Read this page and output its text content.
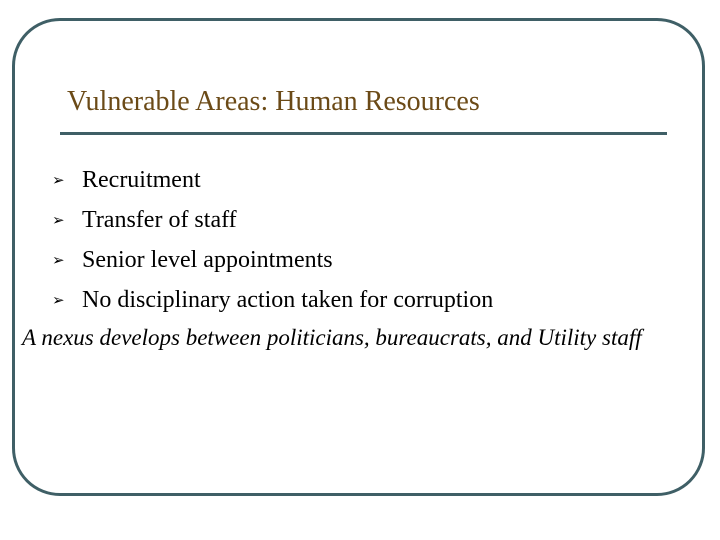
Vulnerable Areas: Human Resources
➢ Recruitment
➢ Transfer of staff
➢ Senior level appointments
➢ No disciplinary action taken for corruption

A nexus develops between politicians, bureaucrats, and Utility staff
